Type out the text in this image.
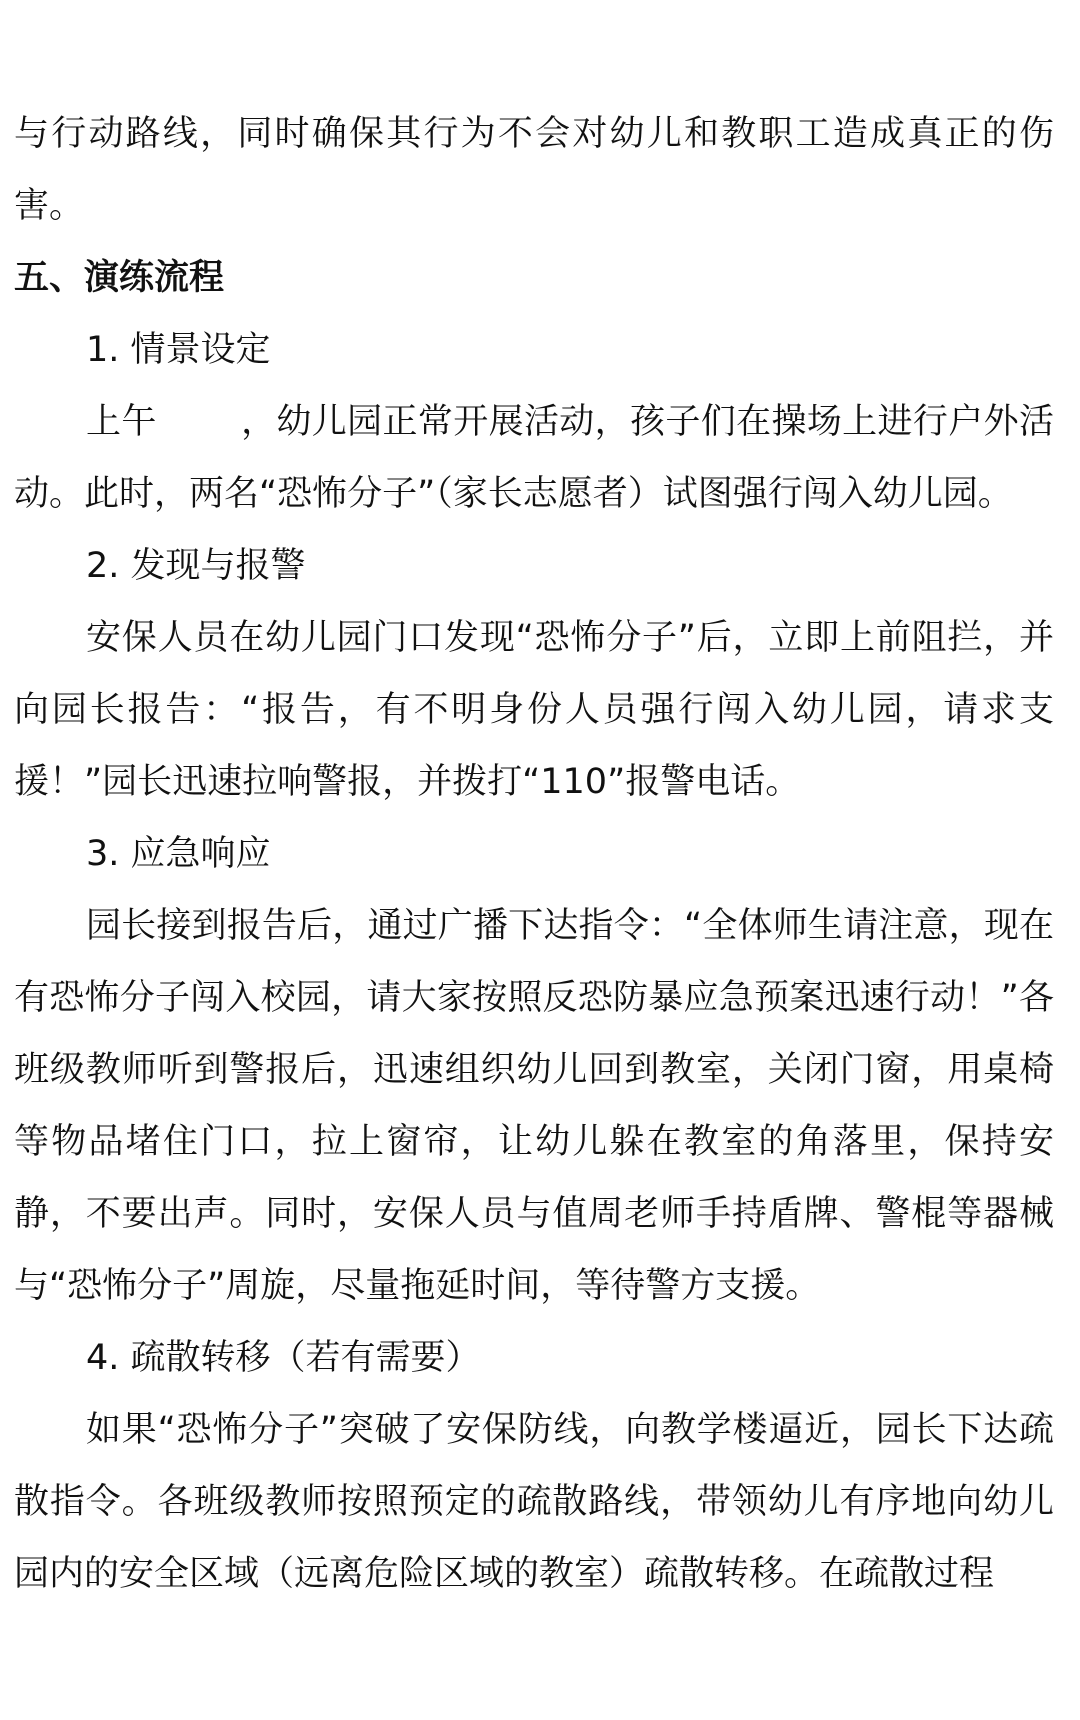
与行动路线，同时确保其行为不会对幼儿和教职工造成真正的伤害。

五、演练流程

1. 情景设定

上午 ，幼儿园正常开展活动，孩子们在操场上进行户外活动。此时，两名“恐怖分子”（家长志愿者）试图强行闯入幼儿园。

2. 发现与报警

安保人员在幼儿园门口发现“恐怖分子”后，立即上前阻拦，并向园长报告：“报告，有不明身份人员强行闯入幼儿园，请求支援！”园长迅速拉响警报，并拨打“110”报警电话。

3. 应急响应

园长接到报告后，通过广播下达指令：“全体师生请注意，现在有恐怖分子闯入校园，请大家按照反恐防暴应急预案迅速行动！”各班级教师听到警报后，迅速组织幼儿回到教室，关闭门窗，用桌椅等物品堵住门口，拉上窗帘，让幼儿躲在教室的角落里，保持安静，不要出声。同时，安保人员与值周老师手持盾牌、警棍等器械与“恐怖分子”周旋，尽量拖延时间，等待警方支援。

4. 疏散转移（若有需要）

如果“恐怖分子”突破了安保防线，向教学楼逼近，园长下达疏散指令。各班级教师按照预定的疏散路线，带领幼儿有序地向幼儿园内的安全区域（远离危险区域的教室）疏散转移。在疏散过程
